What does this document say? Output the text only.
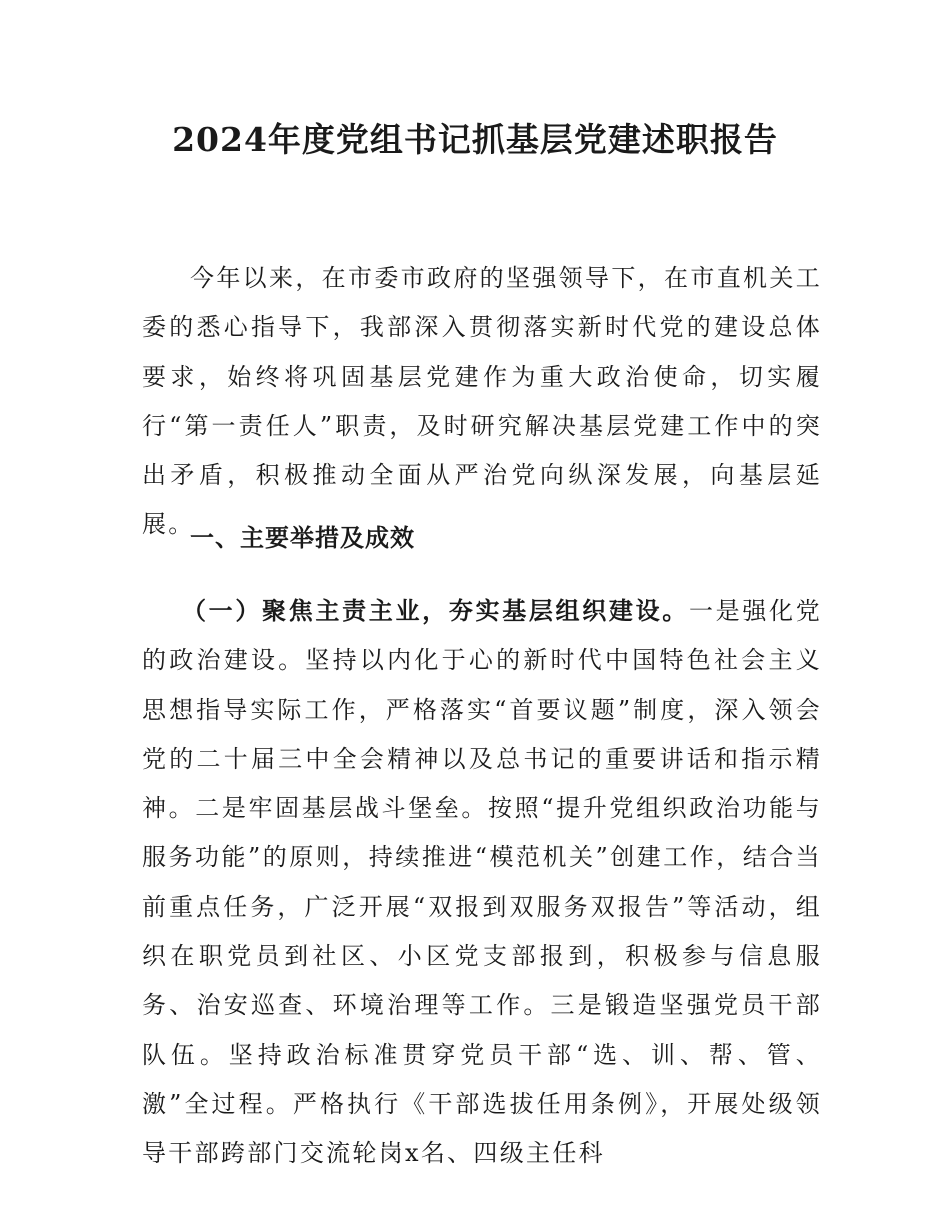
2024年度党组书记抓基层党建述职报告

今年以来，在市委市政府的坚强领导下，在市直机关工委的悉心指导下，我部深入贯彻落实新时代党的建设总体要求，始终将巩固基层党建作为重大政治使命，切实履行“第一责任人”职责，及时研究解决基层党建工作中的突出矛盾，积极推动全面从严治党向纵深发展，向基层延展。

一、主要举措及成效

（一）聚焦主责主业，夯实基层组织建设。一是强化党的政治建设。坚持以内化于心的新时代中国特色社会主义思想指导实际工作，严格落实“首要议题”制度，深入领会党的二十届三中全会精神以及总书记的重要讲话和指示精神。二是牢固基层战斗堡垒。按照“提升党组织政治功能与服务功能”的原则，持续推进“模范机关”创建工作，结合当前重点任务，广泛开展“双报到双服务双报告”等活动，组织在职党员到社区、小区党支部报到，积极参与信息服务、治安巡查、环境治理等工作。三是锻造坚强党员干部队伍。坚持政治标准贯穿党员干部“选、训、帮、管、激”全过程。严格执行《干部选拔任用条例》，开展处级领导干部跨部门交流轮岗x名、四级主任科
